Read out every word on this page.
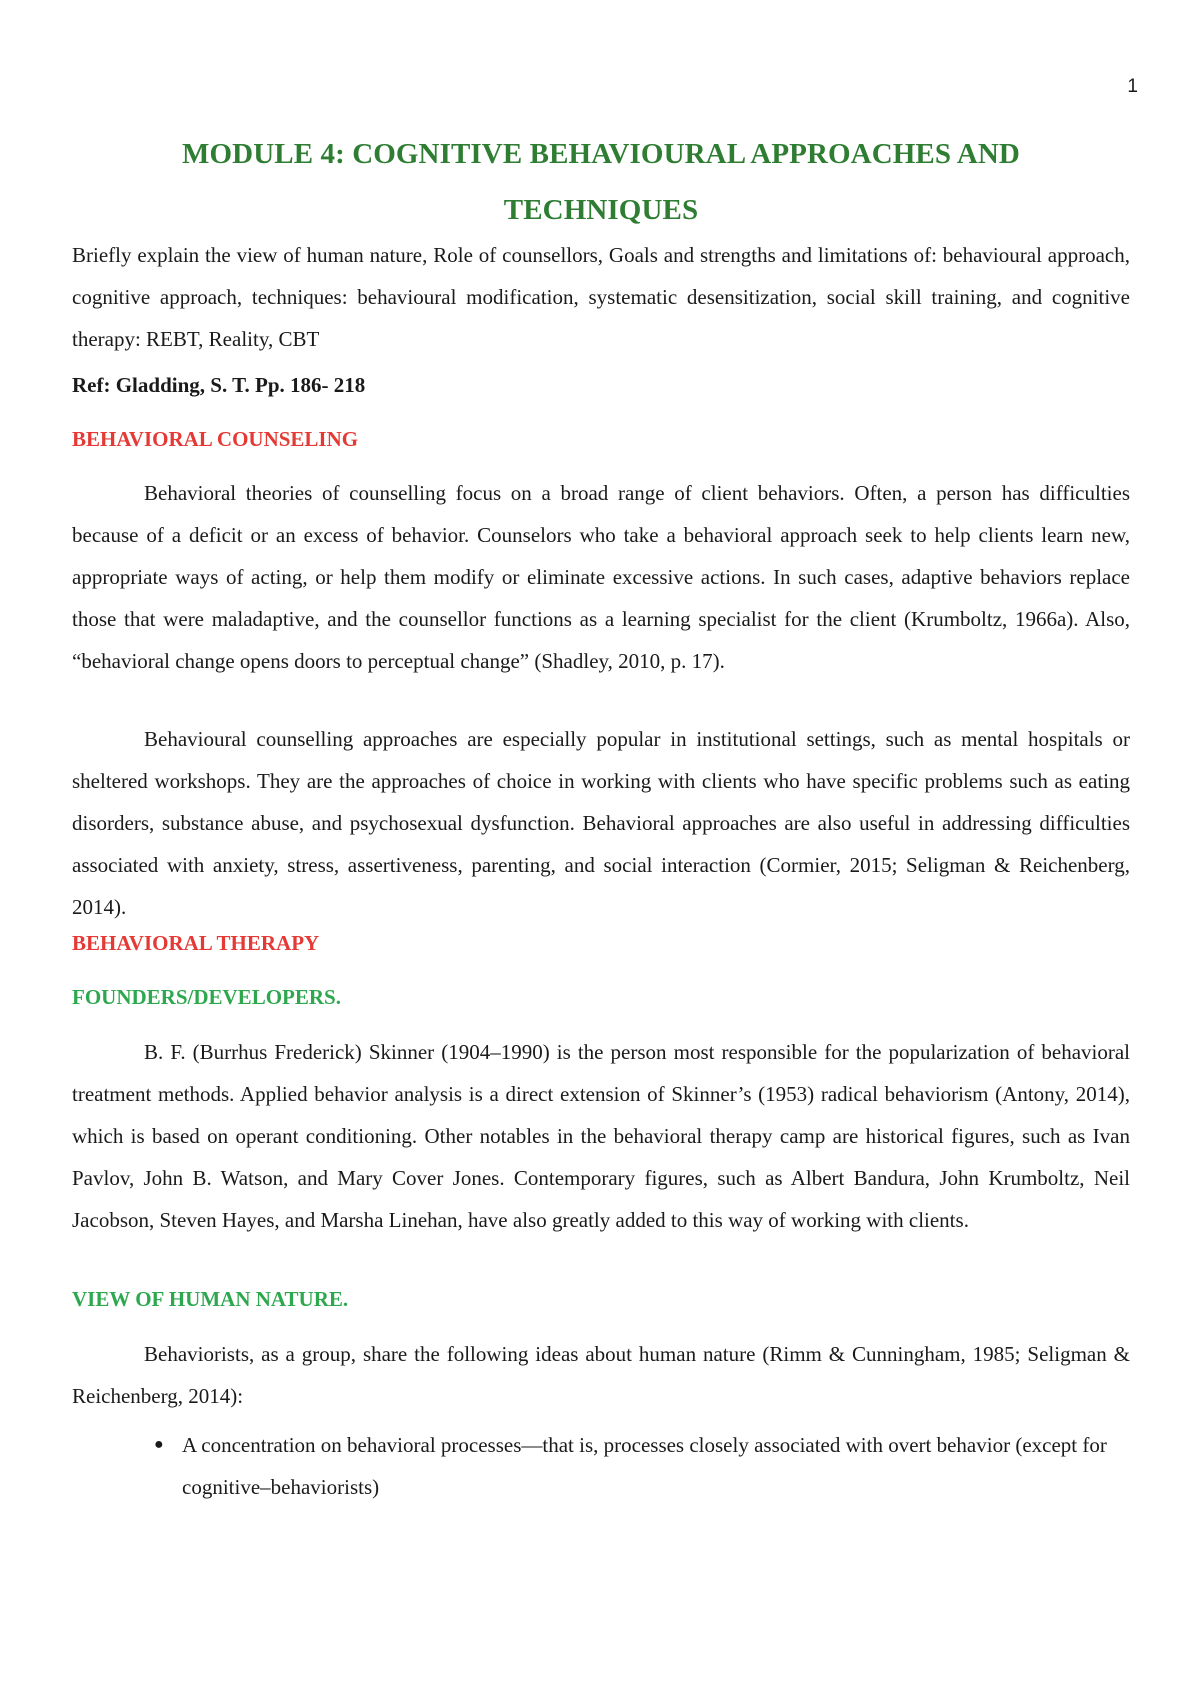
1
MODULE 4: COGNITIVE BEHAVIOURAL APPROACHES AND
TECHNIQUES

Briefly explain the view of human nature, Role of counsellors, Goals and strengths and limitations of: behavioural approach, cognitive approach, techniques: behavioural modification, systematic desensitization, social skill training, and cognitive therapy: REBT, Reality, CBT

Ref: Gladding, S. T. Pp. 186- 218

BEHAVIORAL COUNSELING

Behavioral theories of counselling focus on a broad range of client behaviors. Often, a person has difficulties because of a deficit or an excess of behavior. Counselors who take a behavioral approach seek to help clients learn new, appropriate ways of acting, or help them modify or eliminate excessive actions. In such cases, adaptive behaviors replace those that were maladaptive, and the counsellor functions as a learning specialist for the client (Krumboltz, 1966a). Also, “behavioral change opens doors to perceptual change” (Shadley, 2010, p. 17).

Behavioural counselling approaches are especially popular in institutional settings, such as mental hospitals or sheltered workshops. They are the approaches of choice in working with clients who have specific problems such as eating disorders, substance abuse, and psychosexual dysfunction. Behavioral approaches are also useful in addressing difficulties associated with anxiety, stress, assertiveness, parenting, and social interaction (Cormier, 2015; Seligman & Reichenberg, 2014).

BEHAVIORAL THERAPY

FOUNDERS/DEVELOPERS.

B. F. (Burrhus Frederick) Skinner (1904–1990) is the person most responsible for the popularization of behavioral treatment methods. Applied behavior analysis is a direct extension of Skinner’s (1953) radical behaviorism (Antony, 2014), which is based on operant conditioning. Other notables in the behavioral therapy camp are historical figures, such as Ivan Pavlov, John B. Watson, and Mary Cover Jones. Contemporary figures, such as Albert Bandura, John Krumboltz, Neil Jacobson, Steven Hayes, and Marsha Linehan, have also greatly added to this way of working with clients.

VIEW OF HUMAN NATURE.

Behaviorists, as a group, share the following ideas about human nature (Rimm & Cunningham, 1985; Seligman & Reichenberg, 2014):

● A concentration on behavioral processes—that is, processes closely associated with overt behavior (except for cognitive–behaviorists)
